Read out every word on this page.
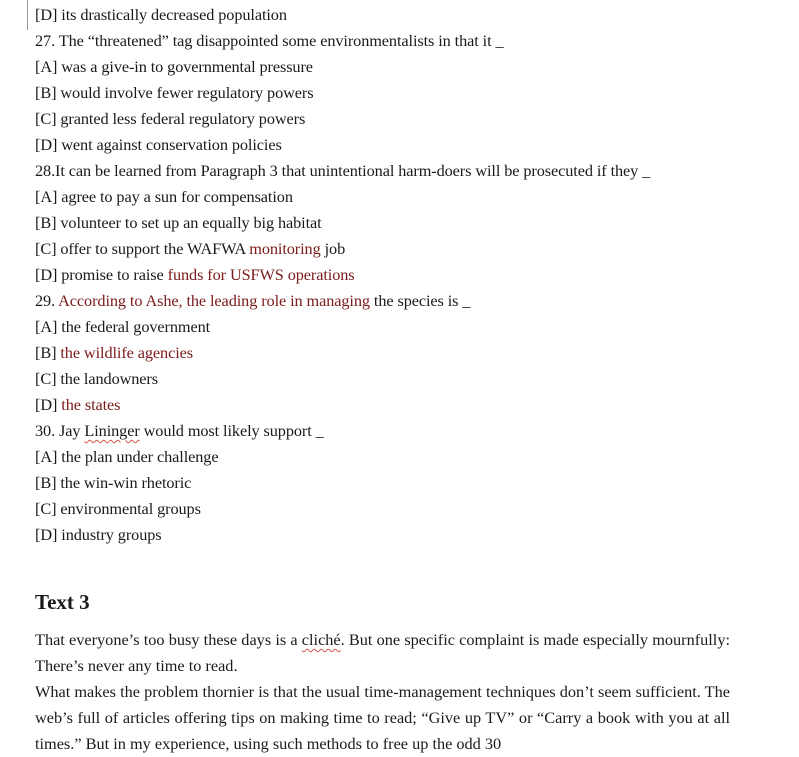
[D] its drastically decreased population
27. The “threatened” tag disappointed some environmentalists in that it _
[A] was a give-in to governmental pressure
[B] would involve fewer regulatory powers
[C] granted less federal regulatory powers
[D] went against conservation policies
28.It can be learned from Paragraph 3 that unintentional harm-doers will be prosecuted if they _
[A] agree to pay a sun for compensation
[B] volunteer to set up an equally big habitat
[C] offer to support the WAFWA monitoring job
[D] promise to raise funds for USFWS operations
29. According to Ashe, the leading role in managing the species is _
[A] the federal government
[B] the wildlife agencies
[C] the landowners
[D] the states
30. Jay Lininger would most likely support _
[A] the plan under challenge
[B] the win-win rhetoric
[C] environmental groups
[D] industry groups
Text 3
That everyone’s too busy these days is a cliché. But one specific complaint is made especially mournfully: There’s never any time to read.
What makes the problem thornier is that the usual time-management techniques don’t seem sufficient. The web’s full of articles offering tips on making time to read; “Give up TV” or “Carry a book with you at all times.” But in my experience, using such methods to free up the odd 30
